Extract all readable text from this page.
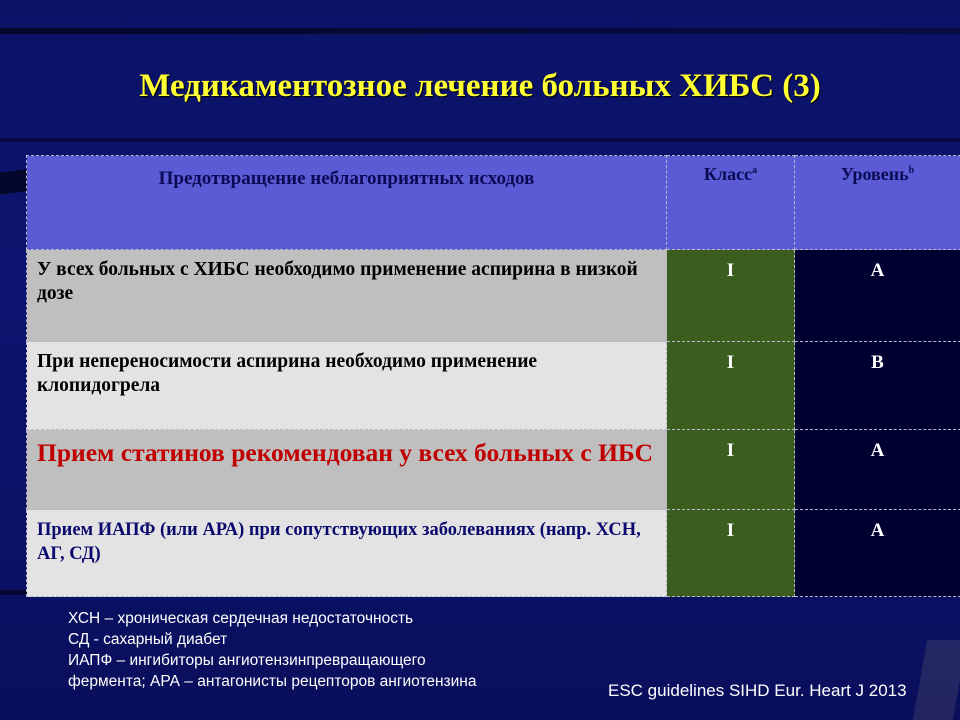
Медикаментозное лечение больных ХИБС (3)
Предотвращение неблагоприятных исходов	Класс$^a$	Уровень$^b$
У всех больных с ХИБС необходимо применение аспирина в низкой дозе	I	A
При непереносимости аспирина необходимо применение клопидогрела	I	B
Прием статинов рекомендован у всех больных с ИБС	I	A
Прием ИАПФ (или АРА) при сопутствующих заболеваниях (напр. ХСН, АГ, СД)	I	A
ХСН – хроническая сердечная недостаточность
СД - сахарный диабет
ИАПФ – ингибиторы ангиотензинпревращающего
фермента; АРА – антагонисты рецепторов ангиотензина	ESC guidelines SIHD Eur. Heart J 2013
